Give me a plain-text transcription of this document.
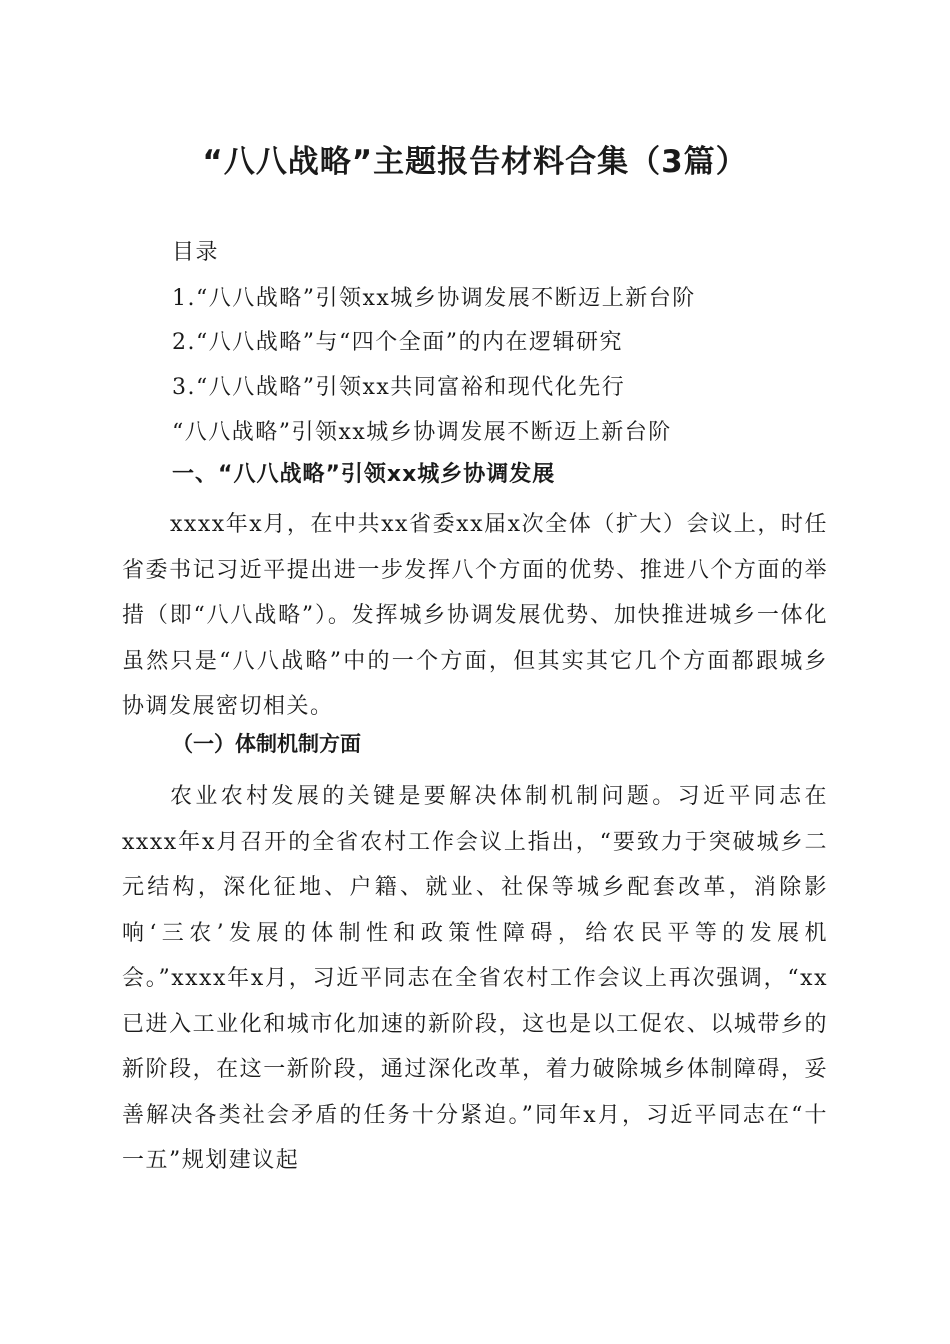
“八八战略”主题报告材料合集（3篇）
目录
1.“八八战略”引领xx城乡协调发展不断迈上新台阶
2.“八八战略”与“四个全面”的内在逻辑研究
3.“八八战略”引领xx共同富裕和现代化先行
“八八战略”引领xx城乡协调发展不断迈上新台阶
一、“八八战略”引领xx城乡协调发展

xxxx年x月，在中共xx省委xx届x次全体（扩大）会议上，时任省委书记习近平提出进一步发挥八个方面的优势、推进八个方面的举措（即“八八战略”）。发挥城乡协调发展优势、加快推进城乡一体化虽然只是“八八战略”中的一个方面，但其实其它几个方面都跟城乡协调发展密切相关。

（一）体制机制方面

农业农村发展的关键是要解决体制机制问题。习近平同志在xxxx年x月召开的全省农村工作会议上指出，“要致力于突破城乡二元结构，深化征地、户籍、就业、社保等城乡配套改革，消除影响‘三农’发展的体制性和政策性障碍，给农民平等的发展机会。”xxxx年x月，习近平同志在全省农村工作会议上再次强调，“xx已进入工业化和城市化加速的新阶段，这也是以工促农、以城带乡的新阶段，在这一新阶段，通过深化改革，着力破除城乡体制障碍，妥善解决各类社会矛盾的任务十分紧迫。”同年x月，习近平同志在“十一五”规划建议起
